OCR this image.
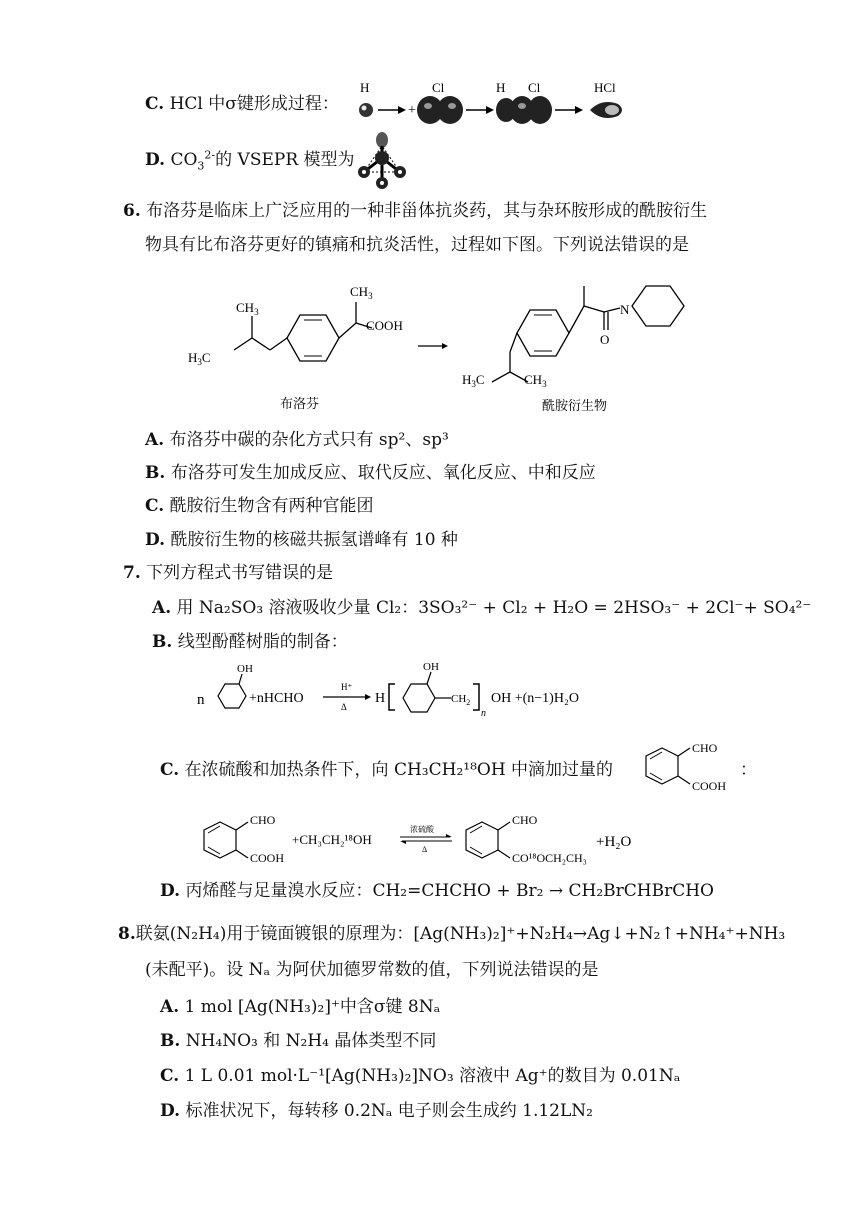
C. HCl 中σ键形成过程：
H
+
Cl	H Cl	HCl
D. $CO_3^{2-}$的 VSEPR 模型为
6. 布洛芬是临床上广泛应用的一种非甾体抗炎药，其与杂环胺形成的酰胺衍生
物具有比布洛芬更好的镇痛和抗炎活性，过程如下图。下列说法错误的是
$CH_3$
COOH
$CH_3$
$H_3C$
布洛芬
O
N
$H_3C$	$CH_3$
酰胺衍生物
A. 布洛芬中碳的杂化方式只有 sp²、sp³
B. 布洛芬可发生加成反应、取代反应、氧化反应、中和反应
C. 酰胺衍生物含有两种官能团
D. 酰胺衍生物的核磁共振氢谱峰有 10 种
7. 下列方程式书写错误的是
A. 用 Na₂SO₃ 溶液吸收少量 Cl₂：3SO₃²⁻ + Cl₂ + H₂O = 2HSO₃⁻ + 2Cl⁻+ SO₄²⁻
B. 线型酚醛树脂的制备：
n
OH
+nHCHO
H⁺
Δ
H
OH
$CH_2$
n
OH +(n−1)H₂O
C. 在浓硫酸和加热条件下，向 CH₃CH₂¹⁸OH 中滴加过量的
CHO
COOH
：
CHO
COOH
+CH₃CH₂¹⁸OH
浓硫酸
Δ
CHO
CO¹⁸OCH₂CH₃
+H₂O
D. 丙烯醛与足量溴水反应：CH₂=CHCHO + Br₂ → CH₂BrCHBrCHO
8.联氨(N₂H₄)用于镜面镀银的原理为：[Ag(NH₃)₂]⁺+N₂H₄→Ag↓+N₂↑+NH₄⁺+NH₃
(未配平)。设 Nₐ 为阿伏加德罗常数的值，下列说法错误的是
A. 1 mol [Ag(NH₃)₂]⁺中含σ键 8Nₐ
B. NH₄NO₃ 和 N₂H₄ 晶体类型不同
C. 1 L 0.01 mol·L⁻¹[Ag(NH₃)₂]NO₃ 溶液中 Ag⁺的数目为 0.01Nₐ
D. 标准状况下，每转移 0.2Nₐ 电子则会生成约 1.12LN₂
